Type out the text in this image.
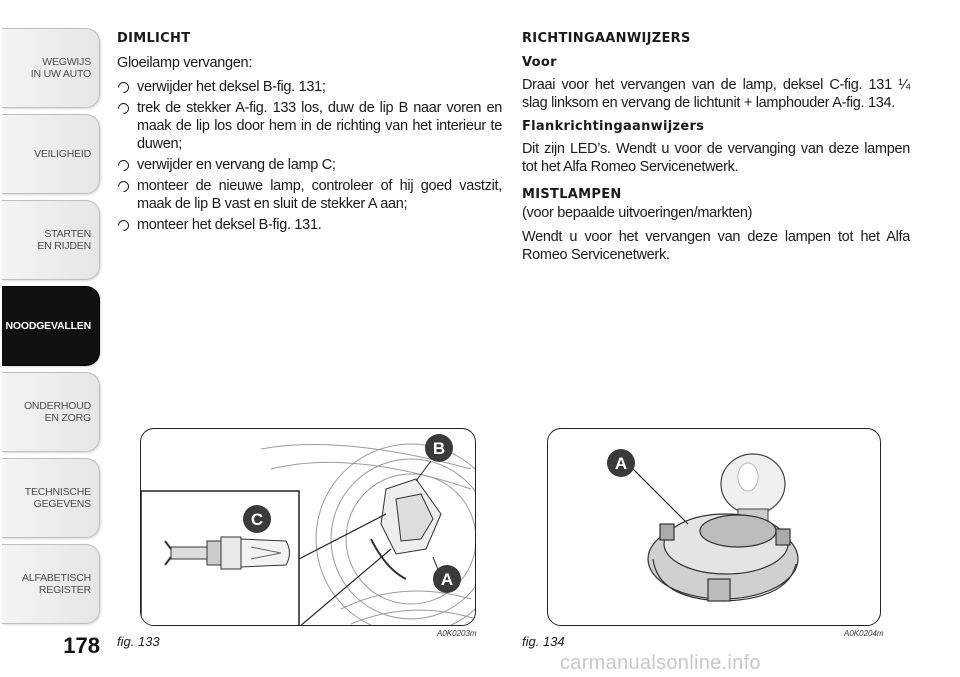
WEGWIJS
IN UW AUTO
VEILIGHEID
STARTEN
EN RIJDEN
NOODGEVALLEN
ONDERHOUD
EN ZORG
TECHNISCHE
GEGEVENS
ALFABETISCH
REGISTER
178
DIMLICHT

Gloeilamp vervangen:

verwijder het deksel B-fig. 131;
trek de stekker A-fig. 133 los, duw de lip B naar voren en maak de lip los door hem in de richting van het interieur te duwen;
verwijder en vervang de lamp C;
monteer de nieuwe lamp, controleer of hij goed vastzit, maak de lip B vast en sluit de stekker A aan;
monteer het deksel B-fig. 131.
RICHTINGAANWIJZERS
Voor

Draai voor het vervangen van de lamp, deksel C-fig. 131 ¼ slag linksom en vervang de lichtunit + lamphouder A-fig. 134.

Flankrichtingaanwijzers

Dit zijn LED’s. Wendt u voor de vervanging van deze lampen tot het Alfa Romeo Servicenetwerk.

MISTLAMPEN

(voor bepaalde uitvoeringen/markten)

Wendt u voor het vervangen van deze lampen tot het Alfa Romeo Servicenetwerk.

B
C
A
fig. 133
A0K0203m
A
fig. 134
A0K0204m
carmanualsonline.info
